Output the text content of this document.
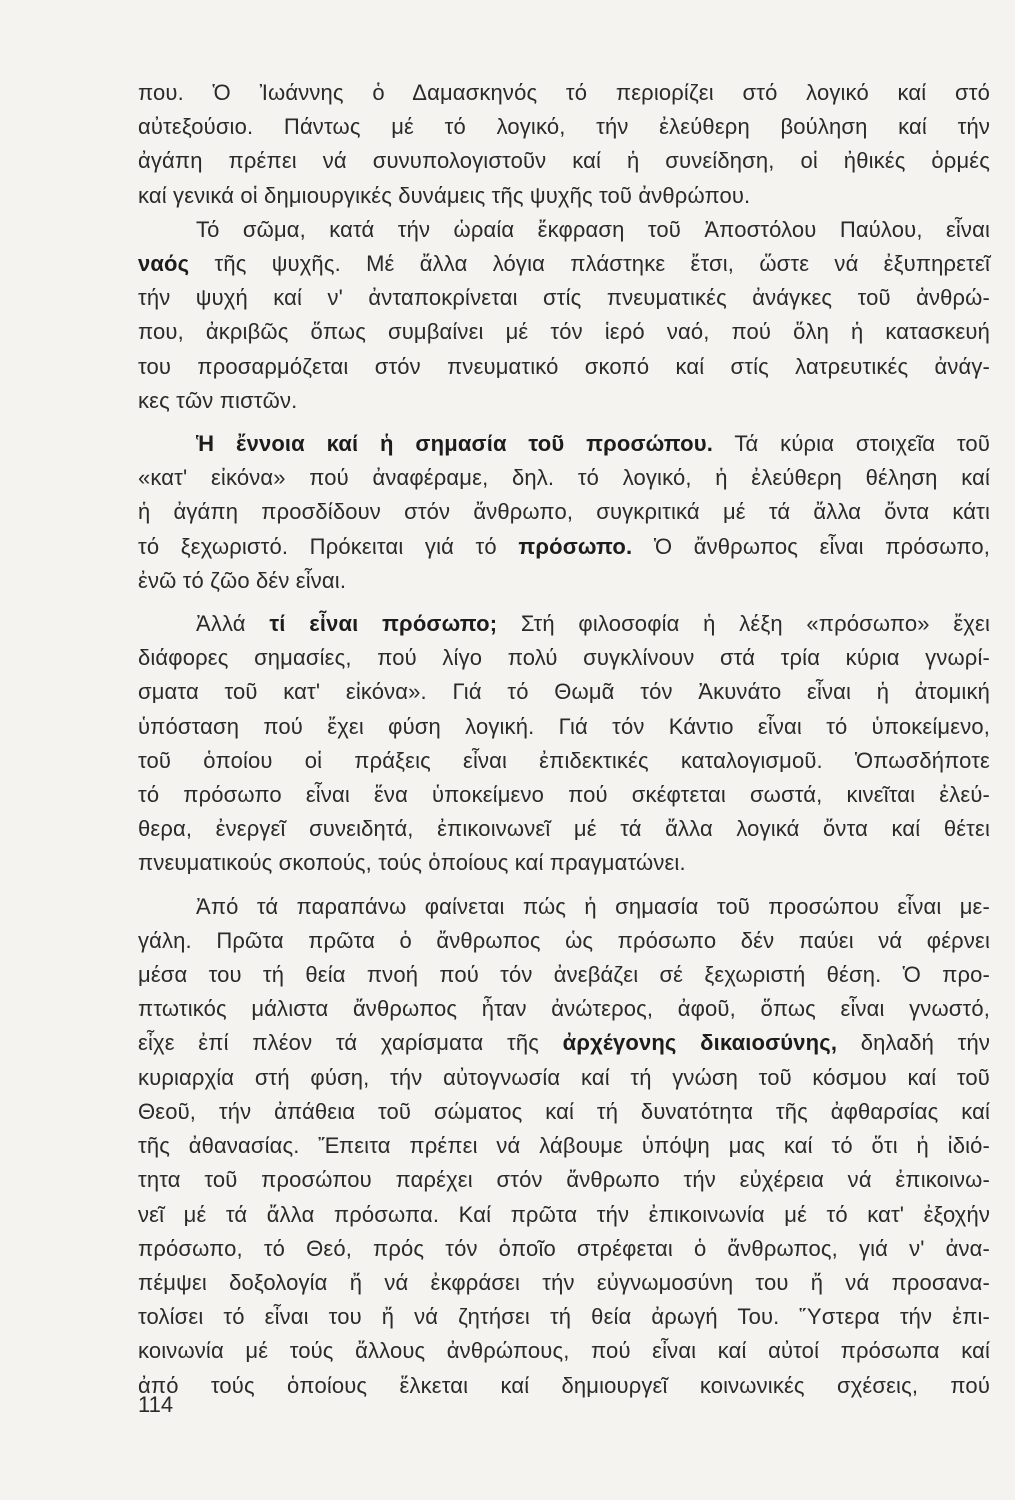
που. Ὁ Ἰωάννης ὁ Δαμασκηνός τό περιορίζει στό λογικό καί στό
αὐτεξούσιο. Πάντως μέ τό λογικό, τήν ἐλεύθερη βούληση καί τήν
ἀγάπη πρέπει νά συνυπολογιστοῦν καί ἡ συνείδηση, οἱ ἠθικές ὁρμές
καί γενικά οἱ δημιουργικές δυνάμεις τῆς ψυχῆς τοῦ ἀνθρώπου.
Τό σῶμα, κατά τήν ὡραία ἔκφραση τοῦ Ἀποστόλου Παύλου, εἶναι
ναός τῆς ψυχῆς. Μέ ἄλλα λόγια πλάστηκε ἔτσι, ὥστε νά ἐξυπηρετεῖ
τήν ψυχή καί ν' ἀνταποκρίνεται στίς πνευματικές ἀνάγκες τοῦ ἀνθρώ-
που, ἀκριβῶς ὅπως συμβαίνει μέ τόν ἱερό ναό, πού ὅλη ἡ κατασκευή
του προσαρμόζεται στόν πνευματικό σκοπό καί στίς λατρευτικές ἀνάγ-
κες τῶν πιστῶν.
Ἡ ἔννοια καί ἡ σημασία τοῦ προσώπου. Τά κύρια στοιχεῖα τοῦ
«κατ' εἰκόνα» πού ἀναφέραμε, δηλ. τό λογικό, ἡ ἐλεύθερη θέληση καί
ἡ ἀγάπη προσδίδουν στόν ἄνθρωπο, συγκριτικά μέ τά ἄλλα ὄντα κάτι
τό ξεχωριστό. Πρόκειται γιά τό πρόσωπο. Ὁ ἄνθρωπος εἶναι πρόσωπο,
ἐνῶ τό ζῶο δέν εἶναι.
Ἀλλά τί εἶναι πρόσωπο; Στή φιλοσοφία ἡ λέξη «πρόσωπο» ἔχει
διάφορες σημασίες, πού λίγο πολύ συγκλίνουν στά τρία κύρια γνωρί-
σματα τοῦ κατ' εἰκόνα». Γιά τό Θωμᾶ τόν Ἀκυνάτο εἶναι ἡ ἀτομική
ὑπόσταση πού ἔχει φύση λογική. Γιά τόν Κάντιο εἶναι τό ὑποκείμενο,
τοῦ ὁποίου οἱ πράξεις εἶναι ἐπιδεκτικές καταλογισμοῦ. Ὁπωσδήποτε
τό πρόσωπο εἶναι ἕνα ὑποκείμενο πού σκέφτεται σωστά, κινεῖται ἐλεύ-
θερα, ἐνεργεῖ συνειδητά, ἐπικοινωνεῖ μέ τά ἄλλα λογικά ὄντα καί θέτει
πνευματικούς σκοπούς, τούς ὁποίους καί πραγματώνει.
Ἀπό τά παραπάνω φαίνεται πώς ἡ σημασία τοῦ προσώπου εἶναι με-
γάλη. Πρῶτα πρῶτα ὁ ἄνθρωπος ὡς πρόσωπο δέν παύει νά φέρνει
μέσα του τή θεία πνοή πού τόν ἀνεβάζει σέ ξεχωριστή θέση. Ὁ προ-
πτωτικός μάλιστα ἄνθρωπος ἦταν ἀνώτερος, ἀφοῦ, ὅπως εἶναι γνωστό,
εἶχε ἐπί πλέον τά χαρίσματα τῆς ἀρχέγονης δικαιοσύνης, δηλαδή τήν
κυριαρχία στή φύση, τήν αὐτογνωσία καί τή γνώση τοῦ κόσμου καί τοῦ
Θεοῦ, τήν ἀπάθεια τοῦ σώματος καί τή δυνατότητα τῆς ἀφθαρσίας καί
τῆς ἀθανασίας. Ἔπειτα πρέπει νά λάβουμε ὑπόψη μας καί τό ὅτι ἡ ἰδιό-
τητα τοῦ προσώπου παρέχει στόν ἄνθρωπο τήν εὐχέρεια νά ἐπικοινω-
νεῖ μέ τά ἄλλα πρόσωπα. Καί πρῶτα τήν ἐπικοινωνία μέ τό κατ' ἐξοχήν
πρόσωπο, τό Θεό, πρός τόν ὁποῖο στρέφεται ὁ ἄνθρωπος, γιά ν' ἀνα-
πέμψει δοξολογία ἤ νά ἐκφράσει τήν εὐγνωμοσύνη του ἤ νά προσανα-
τολίσει τό εἶναι του ἤ νά ζητήσει τή θεία ἀρωγή Του. Ὕστερα τήν ἐπι-
κοινωνία μέ τούς ἄλλους ἀνθρώπους, πού εἶναι καί αὐτοί πρόσωπα καί
ἀπό τούς ὁποίους ἕλκεται καί δημιουργεῖ κοινωνικές σχέσεις, πού
114
